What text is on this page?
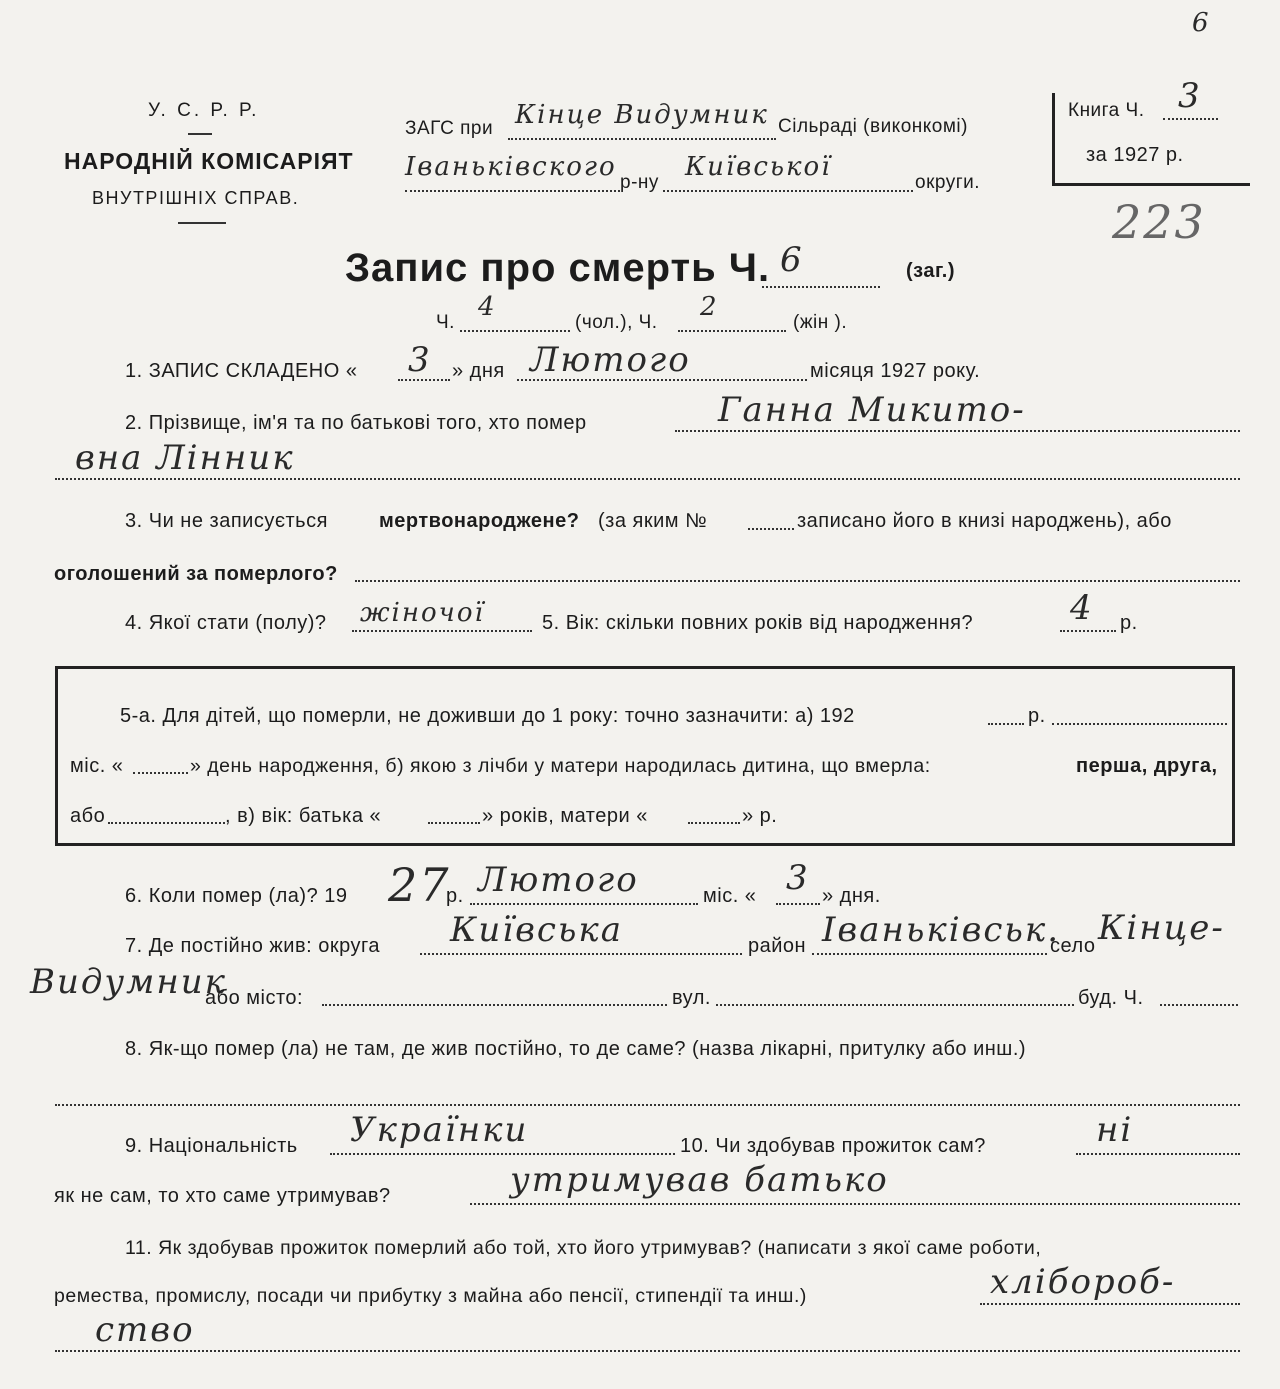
У. С. Р. Р.
НАРОДНІЙ КОМІСАРІЯТ
ВНУТРІШНІХ СПРАВ.
ЗАГС при Кінце Видумник Сільраді (виконкомі)
Іваньківского
р-ну
Київської
округи.
Книга Ч. 3
за 1927 р.
6
223
Запис про смерть Ч. 6	(заг.)
Ч.
4
(чол.), Ч.
2
(жін ).
1. ЗАПИС СКЛАДЕНО « 3 » дня Лютого	місяця 1927 року.
2. Прізвище, ім'я та по батькові того, хто помер	Ганна Микито-
вна Лінник
3. Чи не записується	мертвонароджене? (за яким №	записано його в книзі народжень), або
оголошений за померлого?
4. Якої стати (полу)? жіночої	5. Вік: скільки повних років від народження?	4 р.
5-а. Для дітей, що померли, не доживши до 1 року: точно зазначити: а) 192	р.
міс. «	» день народження, б) якою з лічби у матери народилась дитина, що вмерла:	перша, друга,
або	, в) вік: батька «	» років, матери «	» р.
6. Коли помер (ла)? 19 27
р. Лютого	міс. « 3 » дня.
7. Де постійно жив: округа Київська	район Іваньківськ.
село Кінце-
Видумник
або місто:	вул.	буд. Ч.
8. Як-що помер (ла) не там, де жив постійно, то де саме? (назва лікарні, притулку або инш.)
9. Національність Українки	10. Чи здобував прожиток сам?	ні
як не сам, то хто саме утримував?	утримував батько
11. Як здобував прожиток померлий або той, хто його утримував? (написати з якої саме роботи,
ремества, промислу, посади чи прибутку з майна або пенсії, стипендії та инш.)	хлібороб-
ство
